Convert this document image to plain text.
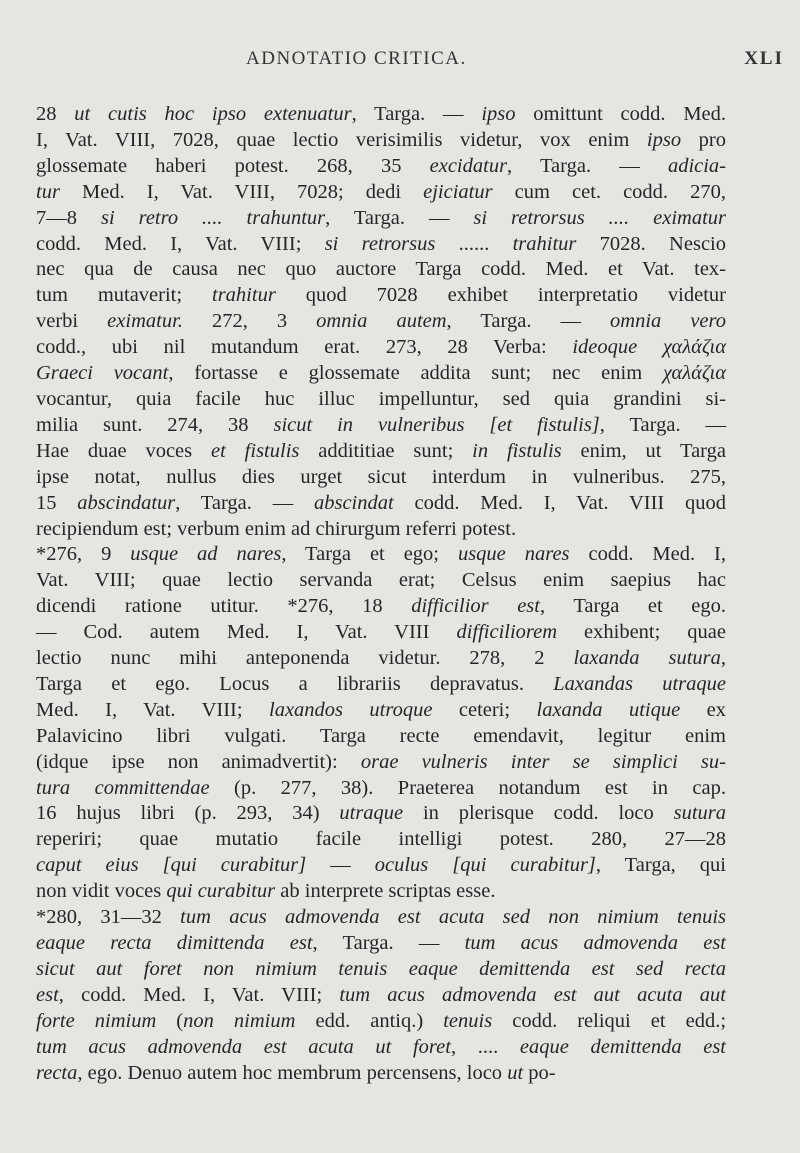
ADNOTATIO CRITICA.	XLI
28 ut cutis hoc ipso extenuatur, Targa. — ipso omittunt codd. Med.
I, Vat. VIII, 7028, quae lectio verisimilis videtur, vox enim ipso pro
glossemate haberi potest. 268, 35 excidatur, Targa. — adicia-
tur Med. I, Vat. VIII, 7028; dedi ejiciatur cum cet. codd. 270,
7—8 si retro .... trahuntur, Targa. — si retrorsus .... eximatur
codd. Med. I, Vat. VIII; si retrorsus ...... trahitur 7028. Nescio
nec qua de causa nec quo auctore Targa codd. Med. et Vat. tex-
tum mutaverit; trahitur quod 7028 exhibet interpretatio videtur
verbi eximatur. 272, 3 omnia autem, Targa. — omnia vero
codd., ubi nil mutandum erat. 273, 28 Verba: ideoque χαλάζια
Graeci vocant, fortasse e glossemate addita sunt; nec enim χαλάζια
vocantur, quia facile huc illuc impelluntur, sed quia grandini si-
milia sunt. 274, 38 sicut in vulneribus [et fistulis], Targa. —
Hae duae voces et fistulis addititiae sunt; in fistulis enim, ut Targa
ipse notat, nullus dies urget sicut interdum in vulneribus. 275,
15 abscindatur, Targa. — abscindat codd. Med. I, Vat. VIII quod
recipiendum est; verbum enim ad chirurgum referri potest.
*276, 9 usque ad nares, Targa et ego; usque nares codd. Med. I,
Vat. VIII; quae lectio servanda erat; Celsus enim saepius hac
dicendi ratione utitur. *276, 18 difficilior est, Targa et ego.
— Cod. autem Med. I, Vat. VIII difficiliorem exhibent; quae
lectio nunc mihi anteponenda videtur. 278, 2 laxanda sutura,
Targa et ego. Locus a librariis depravatus. Laxandas utraque
Med. I, Vat. VIII; laxandos utroque ceteri; laxanda utique ex
Palavicino libri vulgati. Targa recte emendavit, legitur enim
(idque ipse non animadvertit): orae vulneris inter se simplici su-
tura committendae (p. 277, 38). Praeterea notandum est in cap.
16 hujus libri (p. 293, 34) utraque in plerisque codd. loco sutura
reperiri; quae mutatio facile intelligi potest. 280, 27—28
caput eius [qui curabitur] — oculus [qui curabitur], Targa, qui
non vidit voces qui curabitur ab interprete scriptas esse.
*280, 31—32 tum acus admovenda est acuta sed non nimium tenuis
eaque recta dimittenda est, Targa. — tum acus admovenda est
sicut aut foret non nimium tenuis eaque demittenda est sed recta
est, codd. Med. I, Vat. VIII; tum acus admovenda est aut acuta aut
forte nimium (non nimium edd. antiq.) tenuis codd. reliqui et edd.;
tum acus admovenda est acuta ut foret, .... eaque demittenda est
recta, ego. Denuo autem hoc membrum percensens, loco ut po-
